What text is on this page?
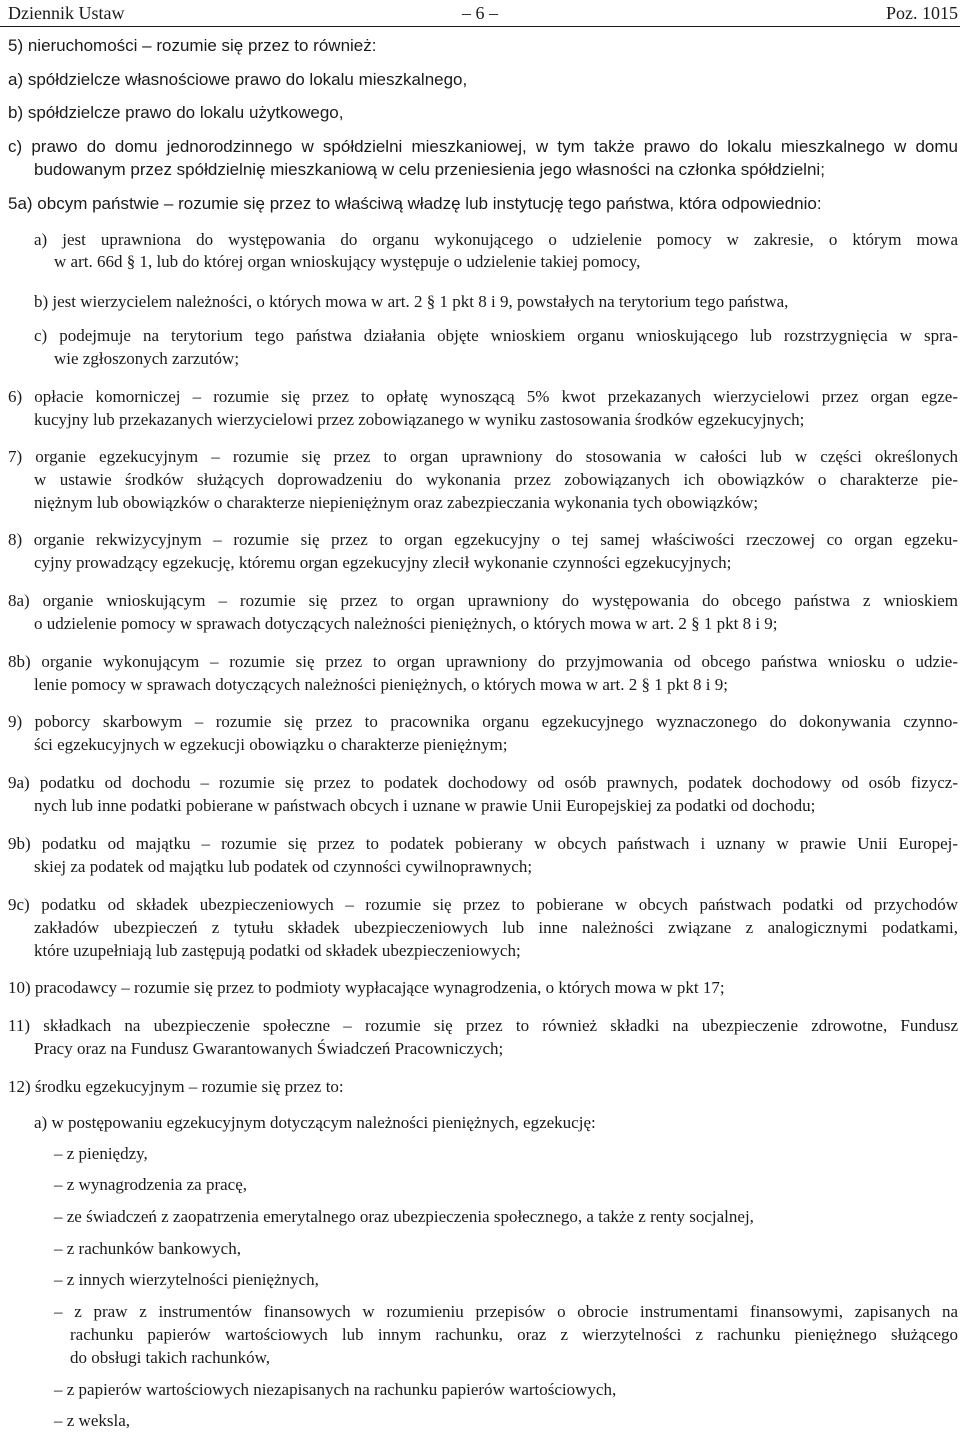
Dziennik Ustaw	– 6 –	Poz. 1015
5) nieruchomości – rozumie się przez to również:
a) spółdzielcze własnościowe prawo do lokalu mieszkalnego,
b) spółdzielcze prawo do lokalu użytkowego,
c) prawo do domu jednorodzinnego w spółdzielni mieszkaniowej, w tym także prawo do lokalu mieszkalnego w domu
budowanym przez spółdzielnię mieszkaniową w celu przeniesienia jego własności na członka spółdzielni;
5a) obcym państwie – rozumie się przez to właściwą władzę lub instytucję tego państwa, która odpowiednio:
a) jest uprawniona do występowania do organu wykonującego o udzielenie pomocy w zakresie, o którym mowa
w art. 66d § 1, lub do której organ wnioskujący występuje o udzielenie takiej pomocy,
b) jest wierzycielem należności, o których mowa w art. 2 § 1 pkt 8 i 9, powstałych na terytorium tego państwa,
c) podejmuje na terytorium tego państwa działania objęte wnioskiem organu wnioskującego lub rozstrzygnięcia w spra-
wie zgłoszonych zarzutów;
6) opłacie komorniczej – rozumie się przez to opłatę wynoszącą 5% kwot przekazanych wierzycielowi przez organ egze-
kucyjny lub przekazanych wierzycielowi przez zobowiązanego w wyniku zastosowania środków egzekucyjnych;
7) organie egzekucyjnym – rozumie się przez to organ uprawniony do stosowania w całości lub w części określonych
w ustawie środków służących doprowadzeniu do wykonania przez zobowiązanych ich obowiązków o charakterze pie-
niężnym lub obowiązków o charakterze niepieniężnym oraz zabezpieczania wykonania tych obowiązków;
8) organie rekwizycyjnym – rozumie się przez to organ egzekucyjny o tej samej właściwości rzeczowej co organ egzeku-
cyjny prowadzący egzekucję, któremu organ egzekucyjny zlecił wykonanie czynności egzekucyjnych;
8a) organie wnioskującym – rozumie się przez to organ uprawniony do występowania do obcego państwa z wnioskiem
o udzielenie pomocy w sprawach dotyczących należności pieniężnych, o których mowa w art. 2 § 1 pkt 8 i 9;
8b) organie wykonującym – rozumie się przez to organ uprawniony do przyjmowania od obcego państwa wniosku o udzie-
lenie pomocy w sprawach dotyczących należności pieniężnych, o których mowa w art. 2 § 1 pkt 8 i 9;
9) poborcy skarbowym – rozumie się przez to pracownika organu egzekucyjnego wyznaczonego do dokonywania czynno-
ści egzekucyjnych w egzekucji obowiązku o charakterze pieniężnym;
9a) podatku od dochodu – rozumie się przez to podatek dochodowy od osób prawnych, podatek dochodowy od osób fizycz-
nych lub inne podatki pobierane w państwach obcych i uznane w prawie Unii Europejskiej za podatki od dochodu;
9b) podatku od majątku – rozumie się przez to podatek pobierany w obcych państwach i uznany w prawie Unii Europej-
skiej za podatek od majątku lub podatek od czynności cywilnoprawnych;
9c) podatku od składek ubezpieczeniowych – rozumie się przez to pobierane w obcych państwach podatki od przychodów
zakładów ubezpieczeń z tytułu składek ubezpieczeniowych lub inne należności związane z analogicznymi podatkami,
które uzupełniają lub zastępują podatki od składek ubezpieczeniowych;
10) pracodawcy – rozumie się przez to podmioty wypłacające wynagrodzenia, o których mowa w pkt 17;
11) składkach na ubezpieczenie społeczne – rozumie się przez to również składki na ubezpieczenie zdrowotne, Fundusz
Pracy oraz na Fundusz Gwarantowanych Świadczeń Pracowniczych;
12) środku egzekucyjnym – rozumie się przez to:
a) w postępowaniu egzekucyjnym dotyczącym należności pieniężnych, egzekucję:
– z pieniędzy,
– z wynagrodzenia za pracę,
– ze świadczeń z zaopatrzenia emerytalnego oraz ubezpieczenia społecznego, a także z renty socjalnej,
– z rachunków bankowych,
– z innych wierzytelności pieniężnych,
– z praw z instrumentów finansowych w rozumieniu przepisów o obrocie instrumentami finansowymi, zapisanych na
rachunku papierów wartościowych lub innym rachunku, oraz z wierzytelności z rachunku pieniężnego służącego
do obsługi takich rachunków,
– z papierów wartościowych niezapisanych na rachunku papierów wartościowych,
– z weksla,
